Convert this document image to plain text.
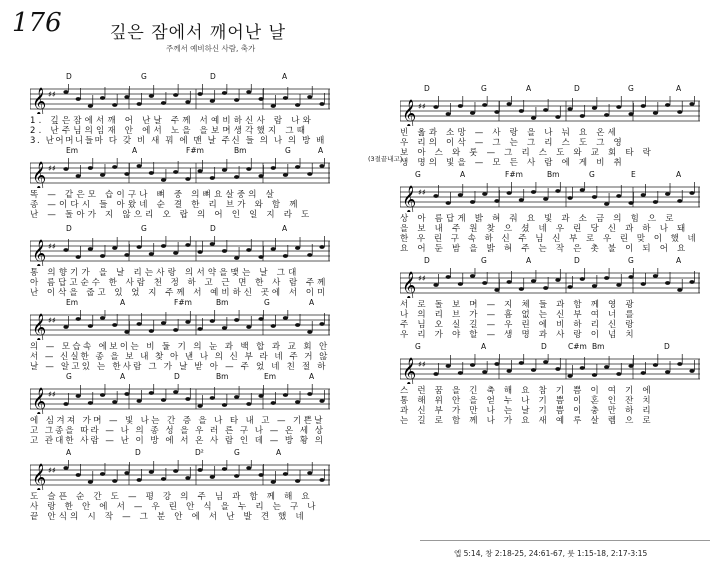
176	깊은 잠에서 깨어난 날
주께서 예비하신 사람, 축가
D	G	D	A
𝄞 ♯♯
1. 깊은잠에서깨 어 난날 주께 서예비하신사 람 나와
2. 난주님의임재 안 에서 노을 을보며생각했지 그때
3. 난어머니들마 다 갖 비 새 꿔 에 맨 날 주신 들 의 나 의 방 배
Em	A	F#m	Bm	G	A
𝄞 ♯♯
똑 — 같은모 습이구나 뼈 중 의뼈요살중의 살
종 —이다시 들 아왔네 순 결 한 리 브가 와 함 께
난 — 돌아가 지 않으리 오 랍 의 어 인 일 지 라 도
D	G	D	A
𝄞 ♯♯
통 의향기가 을 날 리는사랑 의서약을맺는 날 그대
아 름답고순수 한 사람 천 정 하 고 근 면 한 사 람 주께
난 이삭을 줍고 있 었 지 주께 서 예비하신 곳에 서 이미
Em	A	F#m	Bm	G	A
𝄞 ♯♯
의 — 모습속 에보이는 비 둘 기 의 눈 과 백 합 과 교 회 안
서 — 신실한 종 을 보 내 찾 아 낸 나 의 신 부 라 네 주 거 않
날 — 알고있 는 한사람 그 가 날 받 아 — 주 었 네 친 절 하
G	A	D	Bm	Em	A
𝄞 ♯♯
에 심겨져 가며 — 빛 나는 간 증 을 나 타 내 고 — 기쁜날
고 그종을 따라 — 나 의 종 성 을 우 러 른 구 나 — 온 세 상
고 관대한 사람 — 난 이 방 에 서 온 사 람 인 데 — 방 황 의
A	D	D²	G	A
𝄞 ♯♯
도 슬픈 순 간 도 — 평 강 의 주 님 과 함 께 해 요
사 랑 한 안 에 서 — 우 린 안 식 을 누 리 는 구 나
끝 안식의 시 작 — 그 분 안 에 서 난 발 견 했 네
D	G	A	D	G	A
𝄞 ♯♯
빈 옮과 소망 — 사 랑 을 나 눠 요 온세
우 리의 이삭 — 그 는 그 리 스 도 그 영
보 아 스 와 룻 — 그 리 스 도 와 교 회 타 락
생 명의 빛을 — 모 든 사 람 에 게 비 취
G	A	F#m	Bm	G	E	A
𝄞 ♯♯
상 아 름답게 밝 혀 줘 요 빛 과 소 금 의 힘 으 로
을 보 내 주 원 찾 으 셨 네 우 린 당 신 과 하 나 돼
한 우 린 구 속 하 신 주 님 신 부 로 우 린 맞 이 했 네
요 어 둔 밤 을 밝 혀 주 는 작 은 촛 불 이 되 어 요
D	G	A	D	G	A
𝄞 ♯♯
서 로 돌 보 며 — 지 체 들 과 함 께 영 광
나 의 리 브 가 — 흠 없 는 신 부 여 너 를
주 님 오 실 길 — 우 린 에 비 하 리 신 랑
우 리 가 야 할 — 생 명 과 사 랑 이 넘 치
G	A	D	C#m Bm	D
𝄞 ♯♯
스 런 꿈 을 긴 축 해 요 참 기 쁨 이 여 기 에
통 해 위 안 을 얻 누 나 기 쁨 이 혼 인 잔 치
과 신 부 가 만 나 는 날 기 쁨 이 충 만 하 리
는 길 로 함 께 나 가 요 새 예 루 살 렘 으 로
(3절끝내고)
엡 5:14, 창 2:18-25, 24:61-67, 룻 1:15-18, 2:17-3:15
